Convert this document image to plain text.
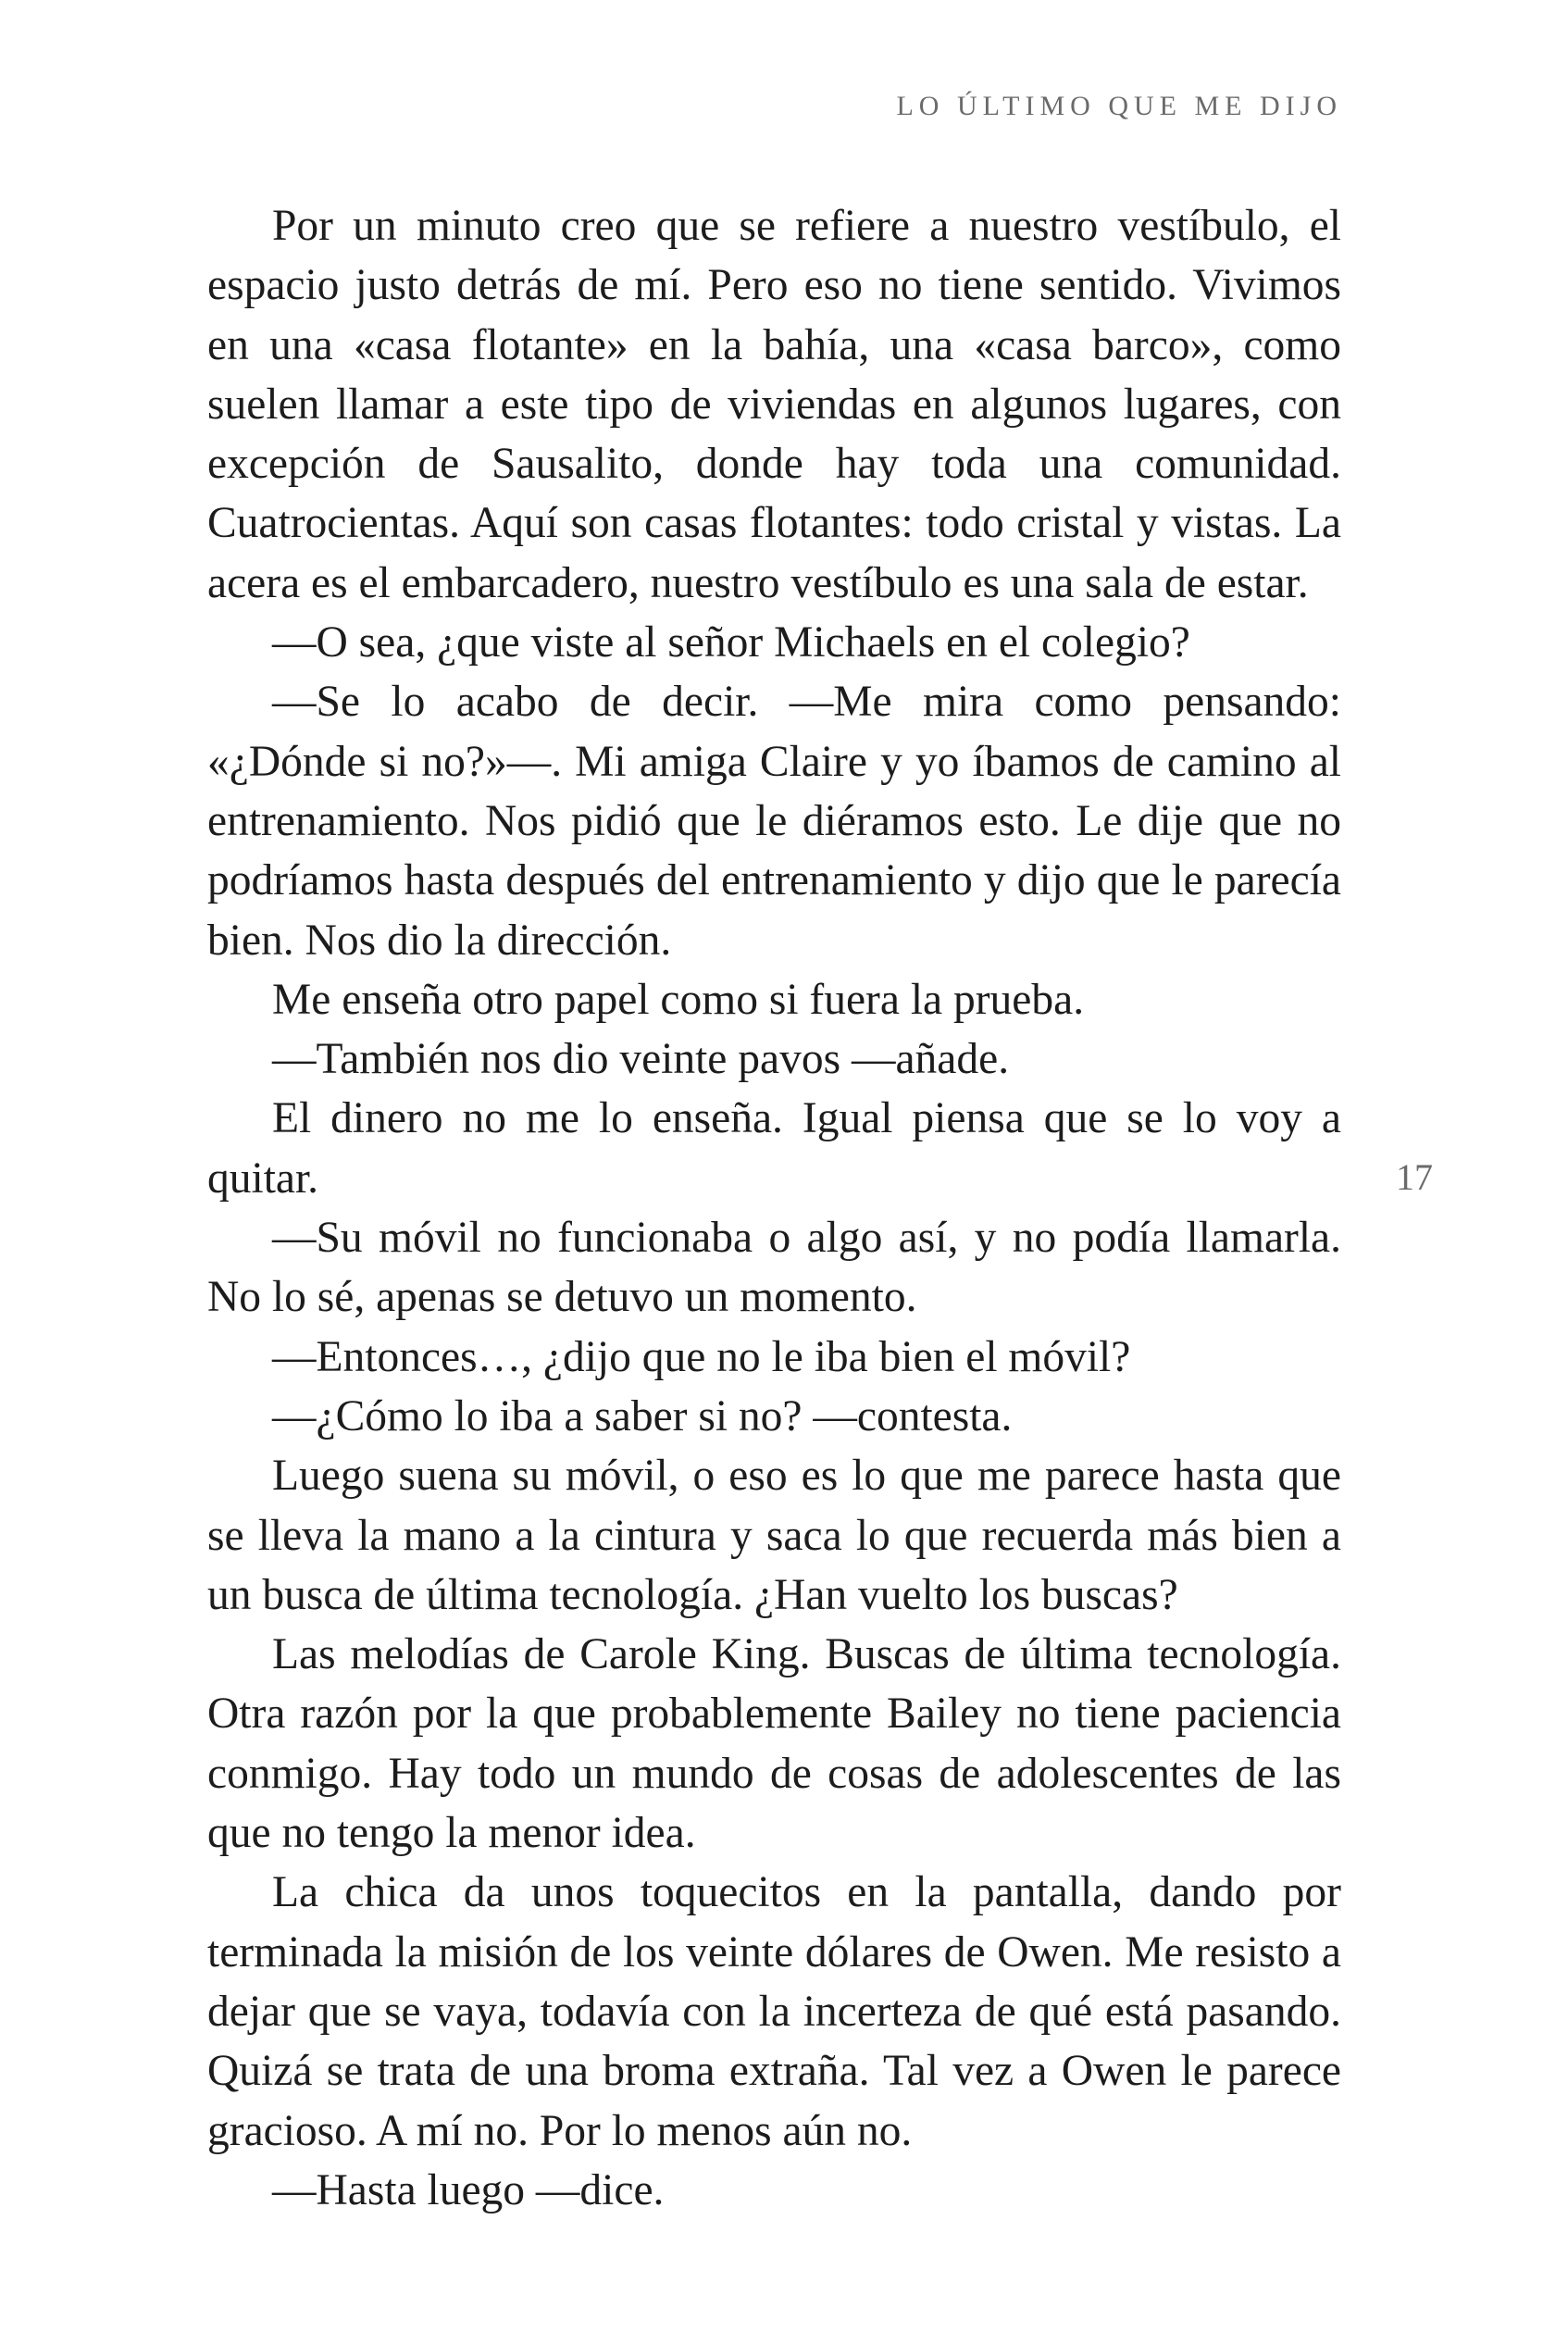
LO ÚLTIMO QUE ME DIJO
17

Por un minuto creo que se refiere a nuestro vestíbulo, el espacio justo detrás de mí. Pero eso no tiene sentido. Vivimos en una «casa flotante» en la bahía, una «casa barco», como suelen llamar a este tipo de viviendas en algunos lugares, con excepción de Sausalito, donde hay toda una comunidad. Cuatrocientas. Aquí son casas flotantes: todo cristal y vistas. La acera es el embarcadero, nuestro vestíbulo es una sala de estar.

—O sea, ¿que viste al señor Michaels en el colegio?

—Se lo acabo de decir. —Me mira como pensando: «¿Dónde si no?»—. Mi amiga Claire y yo íbamos de camino al entrenamiento. Nos pidió que le diéramos esto. Le dije que no podríamos hasta después del entrenamiento y dijo que le parecía bien. Nos dio la dirección.

Me enseña otro papel como si fuera la prueba.

—También nos dio veinte pavos —añade.

El dinero no me lo enseña. Igual piensa que se lo voy a quitar.

—Su móvil no funcionaba o algo así, y no podía llamarla. No lo sé, apenas se detuvo un momento.

—Entonces…, ¿dijo que no le iba bien el móvil?

—¿Cómo lo iba a saber si no? —contesta.

Luego suena su móvil, o eso es lo que me parece hasta que se lleva la mano a la cintura y saca lo que recuerda más bien a un busca de última tecnología. ¿Han vuelto los buscas?

Las melodías de Carole King. Buscas de última tecnología. Otra razón por la que probablemente Bailey no tiene paciencia conmigo. Hay todo un mundo de cosas de adolescentes de las que no tengo la menor idea.

La chica da unos toquecitos en la pantalla, dando por terminada la misión de los veinte dólares de Owen. Me resisto a dejar que se vaya, todavía con la incerteza de qué está pasando. Quizá se trata de una broma extraña. Tal vez a Owen le parece gracioso. A mí no. Por lo menos aún no.

—Hasta luego —dice.
